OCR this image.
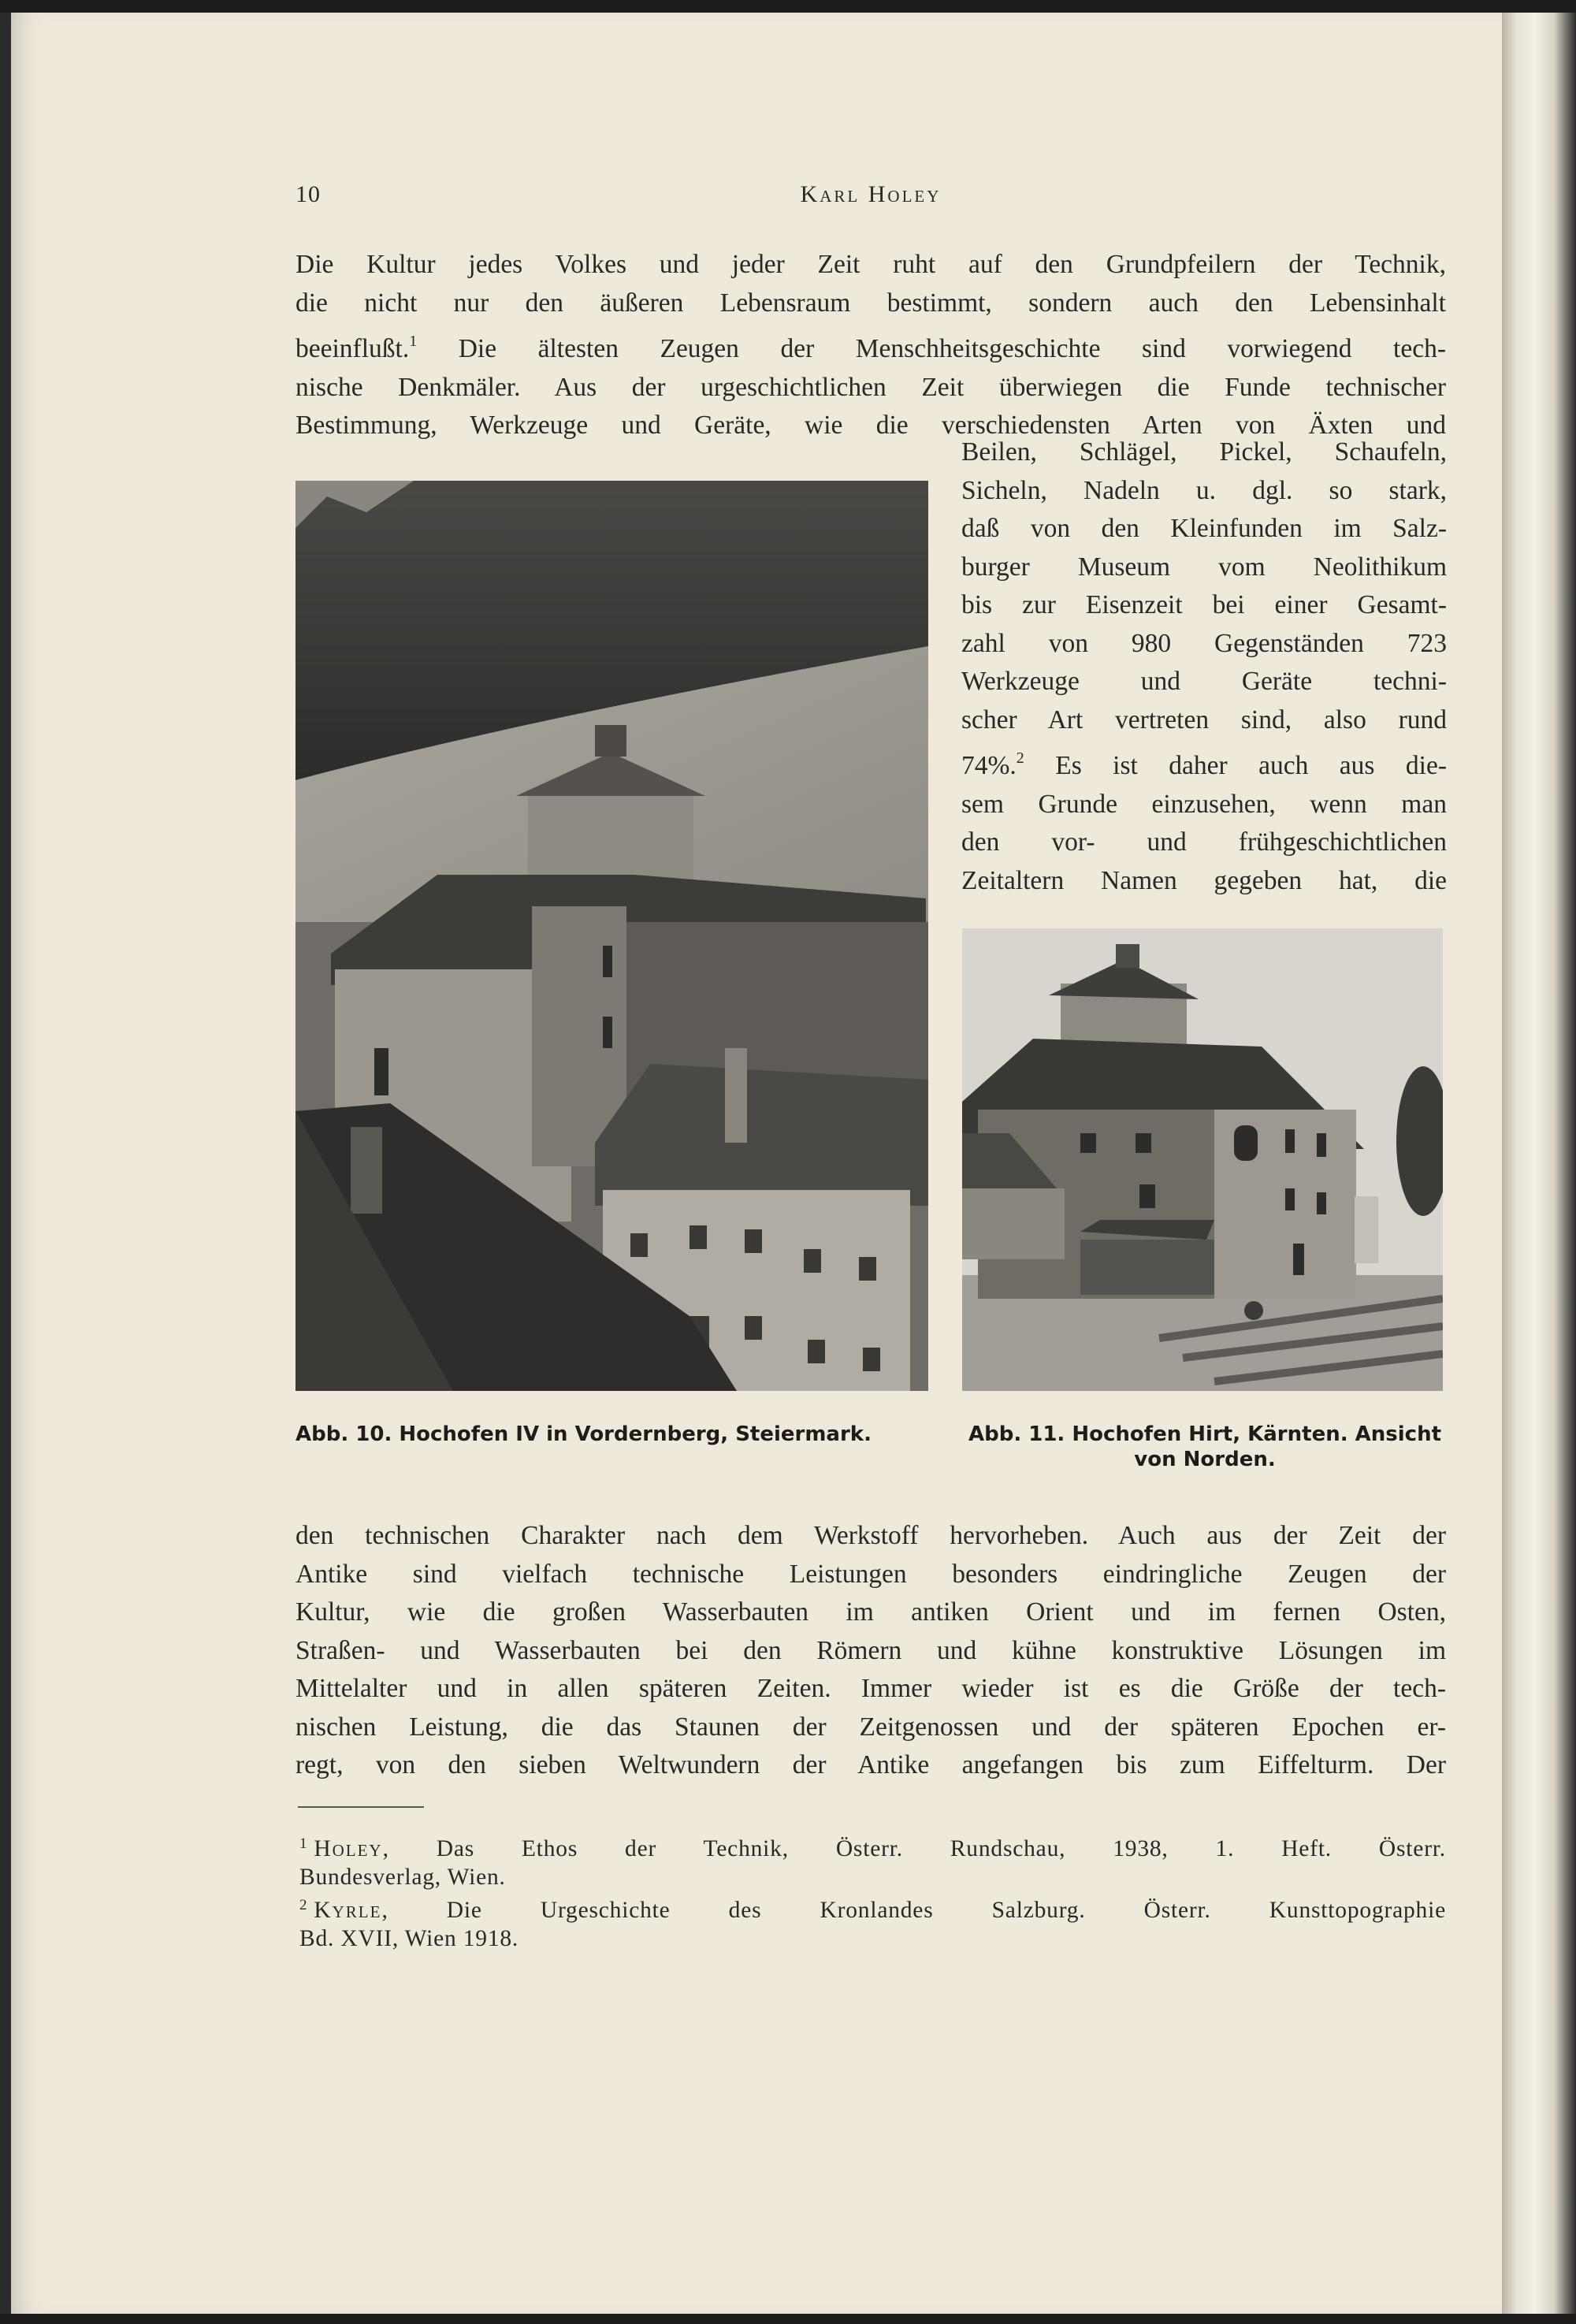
10	Karl Holey
Die Kultur jedes Volkes und jeder Zeit ruht auf den Grundpfeilern der Technik,
die nicht nur den äußeren Lebensraum bestimmt, sondern auch den Lebensinhalt
beeinflußt.$^1$ Die ältesten Zeugen der Menschheitsgeschichte sind vorwiegend tech-
nische Denkmäler. Aus der urgeschichtlichen Zeit überwiegen die Funde technischer
Bestimmung, Werkzeuge und Geräte, wie die verschiedensten Arten von Äxten und
Beilen, Schlägel, Pickel, Schaufeln,
Sicheln, Nadeln u. dgl. so stark,
daß von den Kleinfunden im Salz-
burger Museum vom Neolithikum
bis zur Eisenzeit bei einer Gesamt-
zahl von 980 Gegenständen 723
Werkzeuge und Geräte techni-
scher Art vertreten sind, also rund
74%.$^2$ Es ist daher auch aus die-
sem Grunde einzusehen, wenn man
den vor- und frühgeschichtlichen
Zeitaltern Namen gegeben hat, die
Abb. 10. Hochofen IV in Vordernberg, Steiermark.	Abb. 11. Hochofen Hirt, Kärnten. Ansicht
von Norden.
den technischen Charakter nach dem Werkstoff hervorheben. Auch aus der Zeit der
Antike sind vielfach technische Leistungen besonders eindringliche Zeugen der
Kultur, wie die großen Wasserbauten im antiken Orient und im fernen Osten,
Straßen- und Wasserbauten bei den Römern und kühne konstruktive Lösungen im
Mittelalter und in allen späteren Zeiten. Immer wieder ist es die Größe der tech-
nischen Leistung, die das Staunen der Zeitgenossen und der späteren Epochen er-
regt, von den sieben Weltwundern der Antike angefangen bis zum Eiffelturm. Der
$^1$ Holey, Das Ethos der Technik, Österr. Rundschau, 1938, 1. Heft. Österr.
Bundesverlag, Wien.
$^2$ Kyrle, Die Urgeschichte des Kronlandes Salzburg. Österr. Kunsttopographie
Bd. XVII, Wien 1918.
